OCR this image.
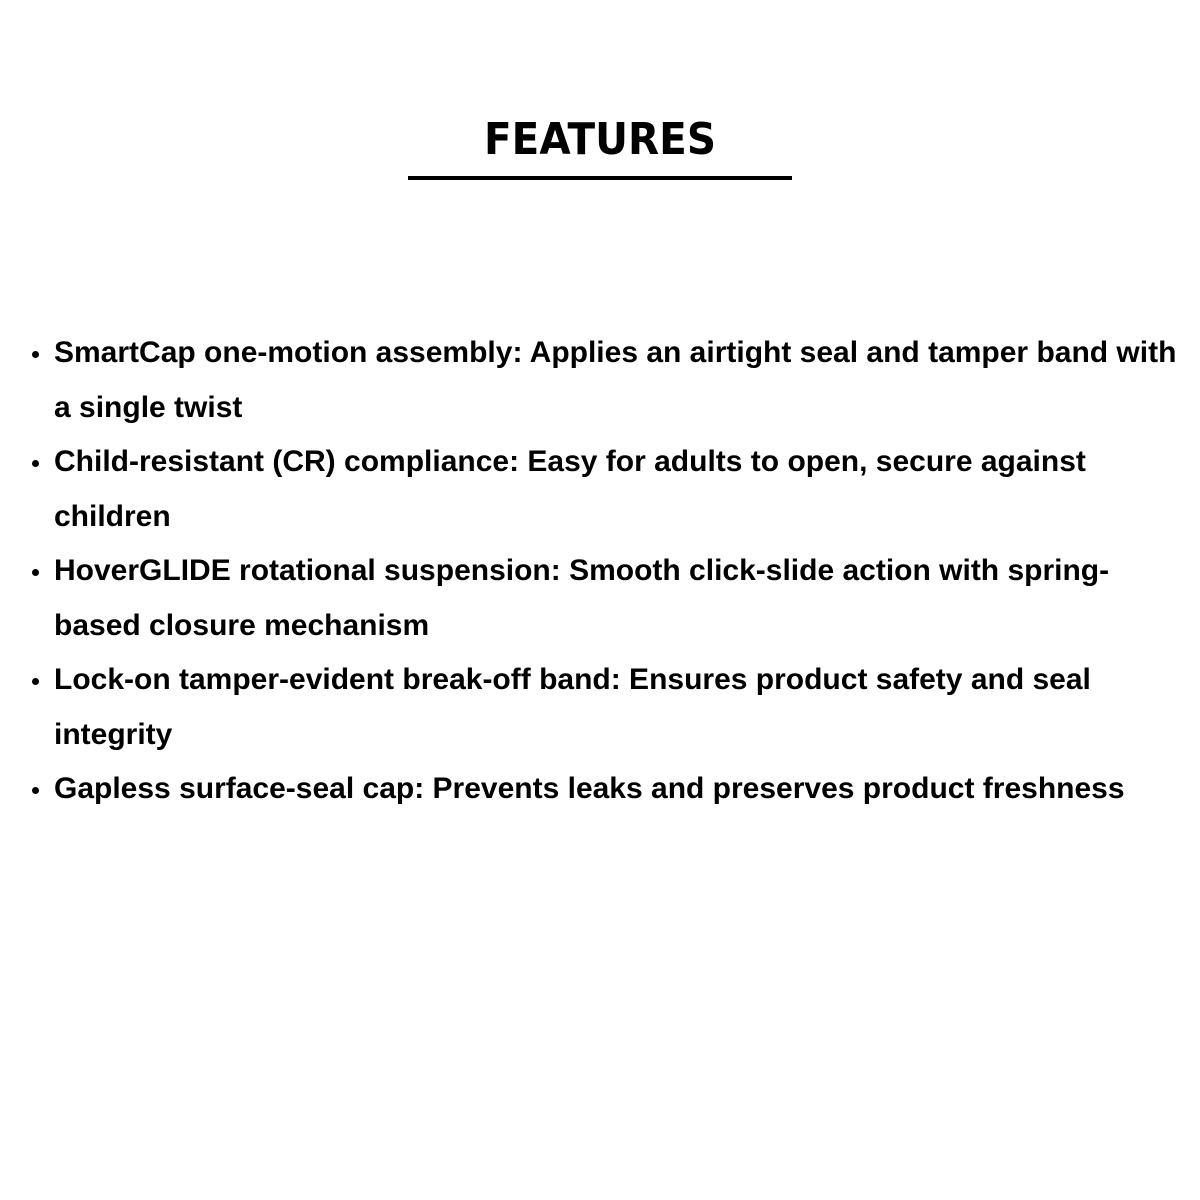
FEATURES
SmartCap one-motion assembly: Applies an airtight seal and tamper band with a single twist
Child-resistant (CR) compliance: Easy for adults to open, secure against children
HoverGLIDE rotational suspension: Smooth click-slide action with spring-based closure mechanism
Lock-on tamper-evident break-off band: Ensures product safety and seal integrity
Gapless surface-seal cap: Prevents leaks and preserves product freshness
